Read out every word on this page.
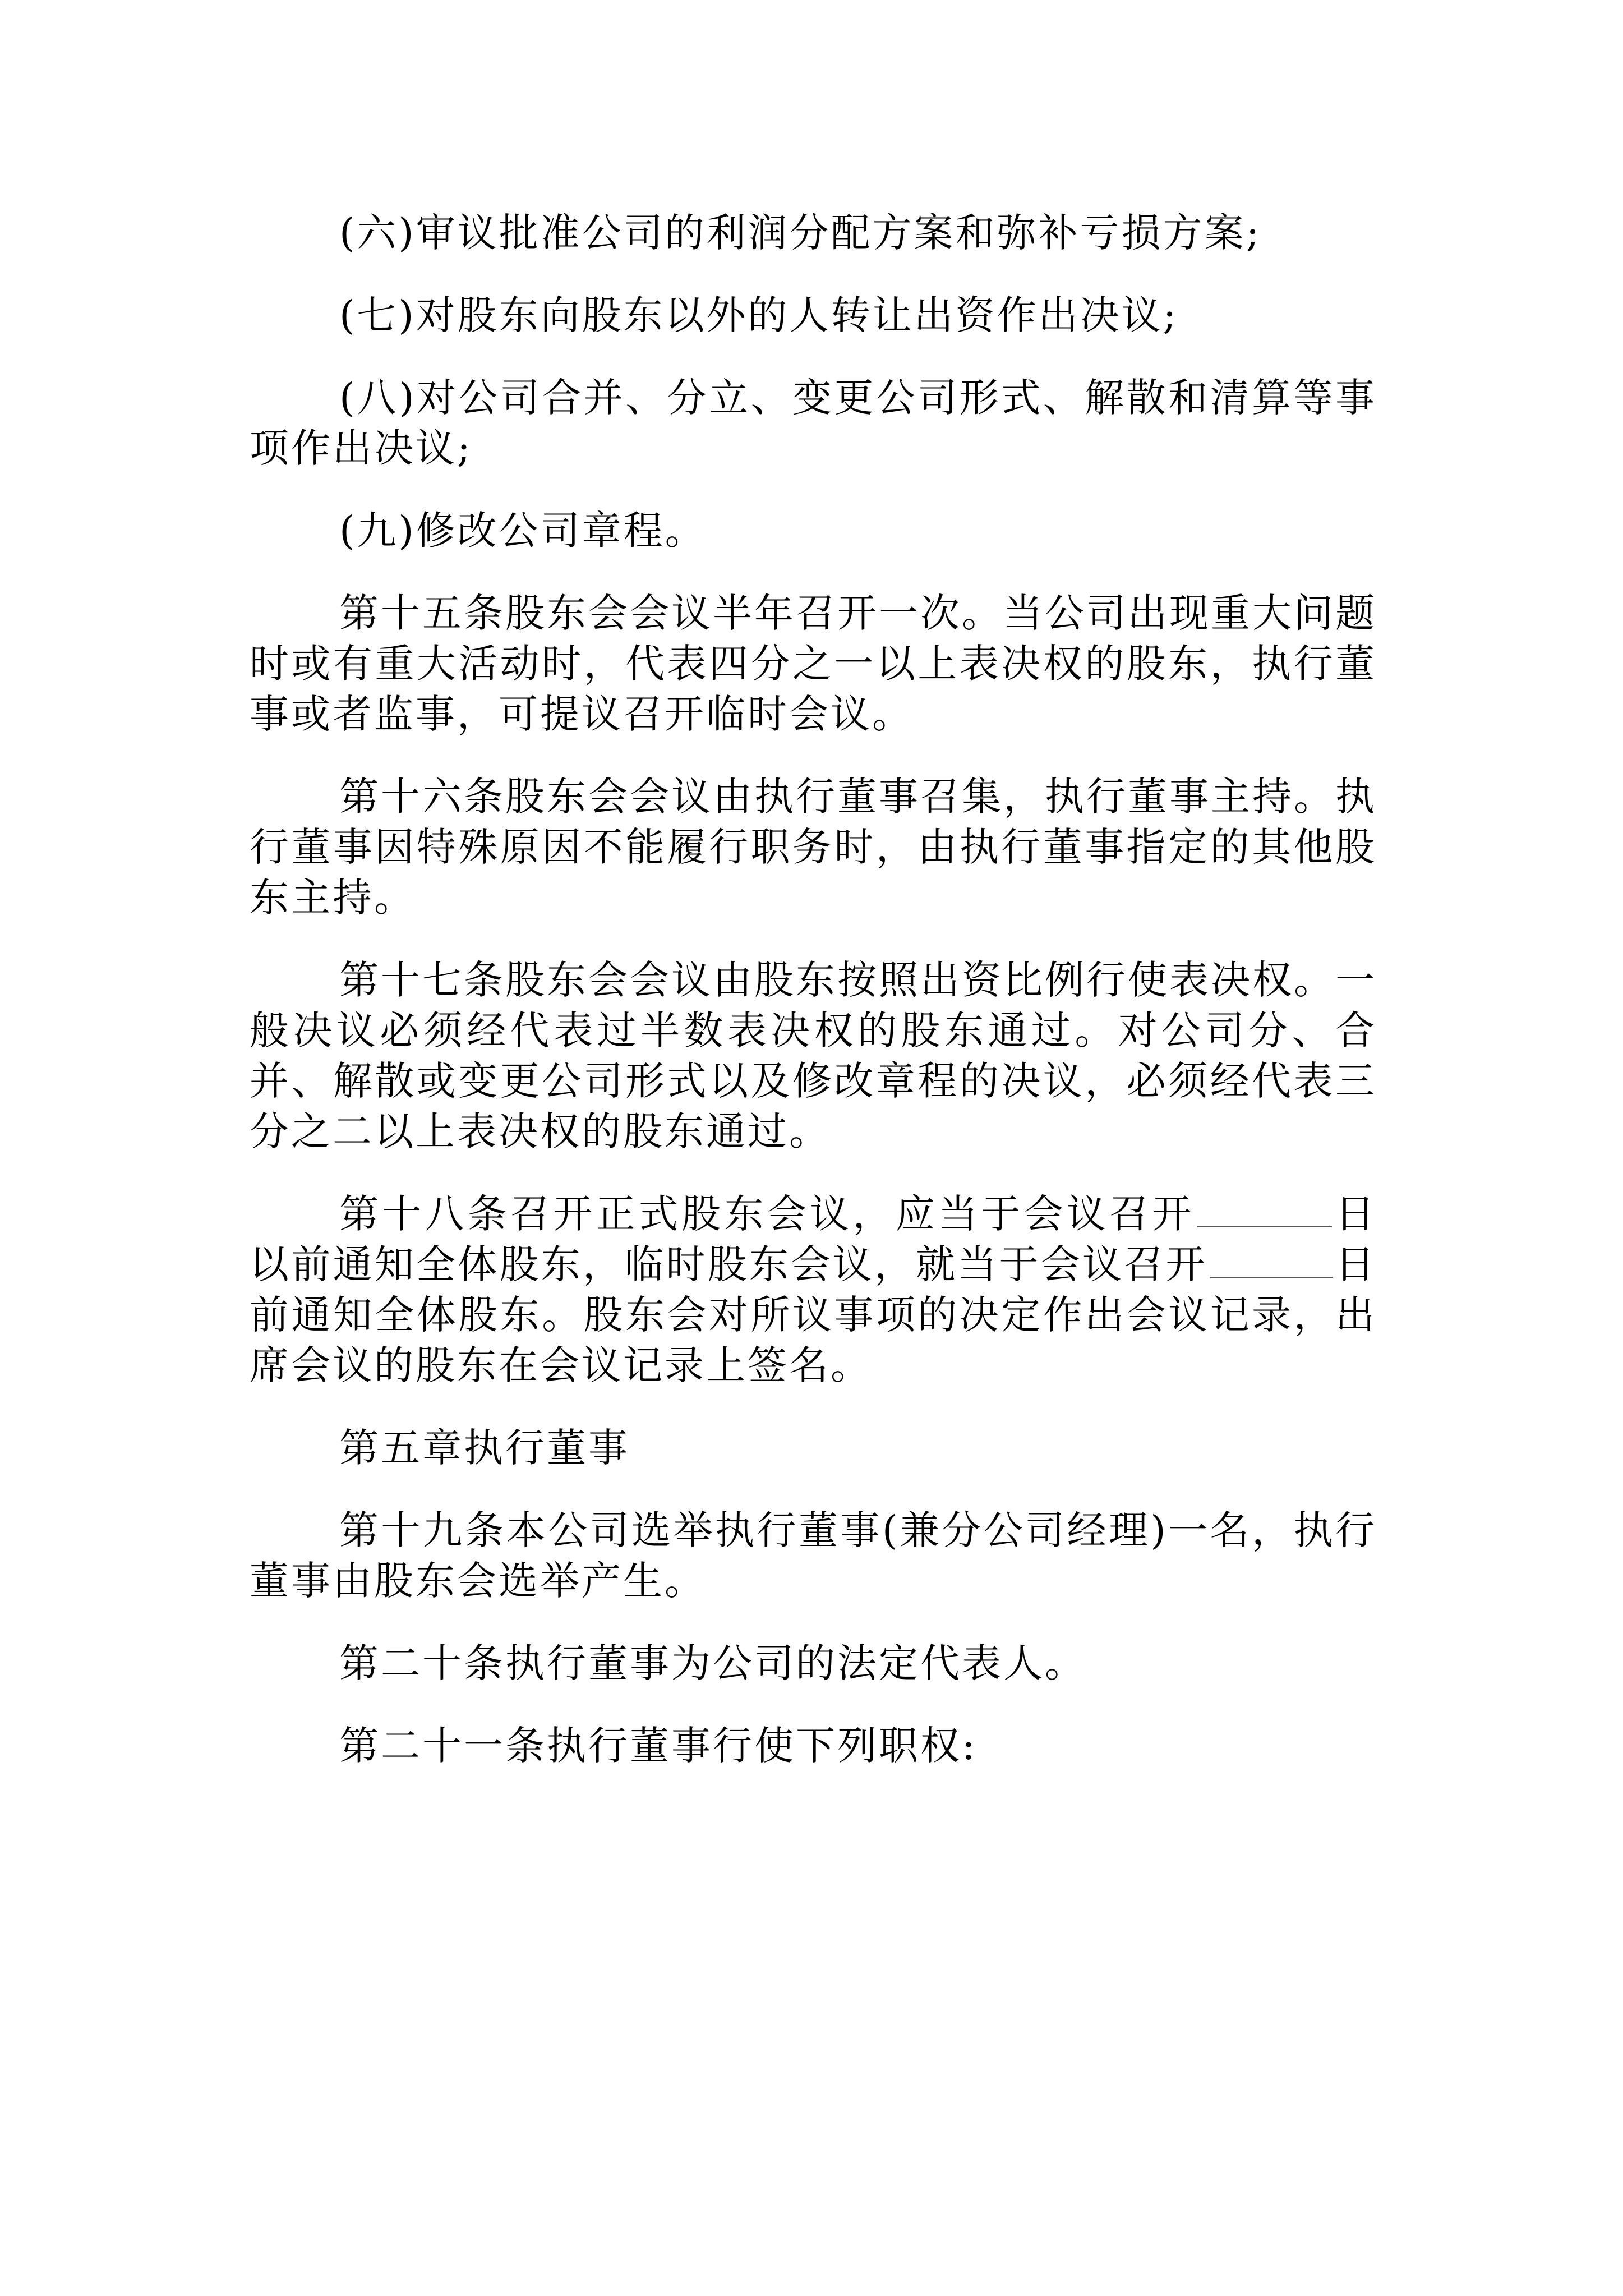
(六)审议批准公司的利润分配方案和弥补亏损方案;

(七)对股东向股东以外的人转让出资作出决议;

(八)对公司合并、分立、变更公司形式、解散和清算等事项作出决议;

(九)修改公司章程。

第十五条股东会会议半年召开一次。当公司出现重大问题时或有重大活动时，代表四分之一以上表决权的股东，执行董事或者监事，可提议召开临时会议。

第十六条股东会会议由执行董事召集，执行董事主持。执行董事因特殊原因不能履行职务时，由执行董事指定的其他股东主持。

第十七条股东会会议由股东按照出资比例行使表决权。一般决议必须经代表过半数表决权的股东通过。对公司分、合并、解散或变更公司形式以及修改章程的决议，必须经代表三分之二以上表决权的股东通过。

第十八条召开正式股东会议，应当于会议召开	日以前通知全体股东，临时股东会议，就当于会议召开	日前通知全体股东。股东会对所议事项的决定作出会议记录，出席会议的股东在会议记录上签名。

第五章执行董事

第十九条本公司选举执行董事(兼分公司经理)一名，执行董事由股东会选举产生。

第二十条执行董事为公司的法定代表人。

第二十一条执行董事行使下列职权:
